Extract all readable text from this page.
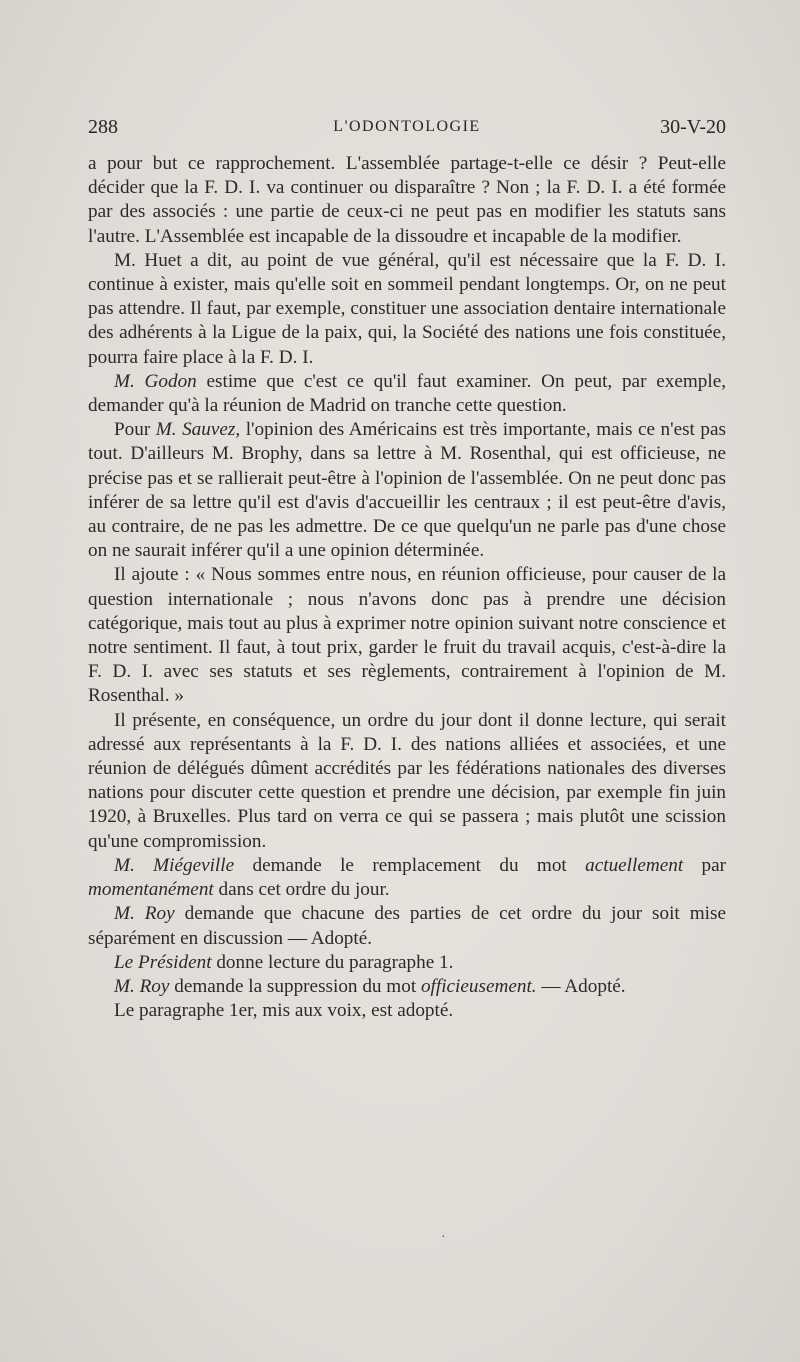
288	L'ODONTOLOGIE	30-V-20

a pour but ce rapprochement. L'assemblée partage-t-elle ce désir ? Peut-elle décider que la F. D. I. va continuer ou disparaître ? Non ; la F. D. I. a été formée par des associés : une partie de ceux-ci ne peut pas en modifier les statuts sans l'autre. L'Assemblée est incapable de la dissoudre et incapable de la modifier.

M. Huet a dit, au point de vue général, qu'il est nécessaire que la F. D. I. continue à exister, mais qu'elle soit en sommeil pendant longtemps. Or, on ne peut pas attendre. Il faut, par exemple, constituer une association dentaire internationale des adhérents à la Ligue de la paix, qui, la Société des nations une fois constituée, pourra faire place à la F. D. I.

M. Godon estime que c'est ce qu'il faut examiner. On peut, par exemple, demander qu'à la réunion de Madrid on tranche cette question.

Pour M. Sauvez, l'opinion des Américains est très importante, mais ce n'est pas tout. D'ailleurs M. Brophy, dans sa lettre à M. Rosenthal, qui est officieuse, ne précise pas et se rallierait peut-être à l'opinion de l'assemblée. On ne peut donc pas inférer de sa lettre qu'il est d'avis d'accueillir les centraux ; il est peut-être d'avis, au contraire, de ne pas les admettre. De ce que quelqu'un ne parle pas d'une chose on ne saurait inférer qu'il a une opinion déterminée.

Il ajoute : « Nous sommes entre nous, en réunion officieuse, pour causer de la question internationale ; nous n'avons donc pas à prendre une décision catégorique, mais tout au plus à exprimer notre opinion suivant notre conscience et notre sentiment. Il faut, à tout prix, garder le fruit du travail acquis, c'est-à-dire la F. D. I. avec ses statuts et ses règlements, contrairement à l'opinion de M. Rosenthal. »

Il présente, en conséquence, un ordre du jour dont il donne lecture, qui serait adressé aux représentants à la F. D. I. des nations alliées et associées, et une réunion de délégués dûment accrédités par les fédérations nationales des diverses nations pour discuter cette question et prendre une décision, par exemple fin juin 1920, à Bruxelles. Plus tard on verra ce qui se passera ; mais plutôt une scission qu'une compromission.

M. Miégeville demande le remplacement du mot actuellement par momentanément dans cet ordre du jour.

M. Roy demande que chacune des parties de cet ordre du jour soit mise séparément en discussion — Adopté.

Le Président donne lecture du paragraphe 1.

M. Roy demande la suppression du mot officieusement. — Adopté.

Le paragraphe 1er, mis aux voix, est adopté.

·
